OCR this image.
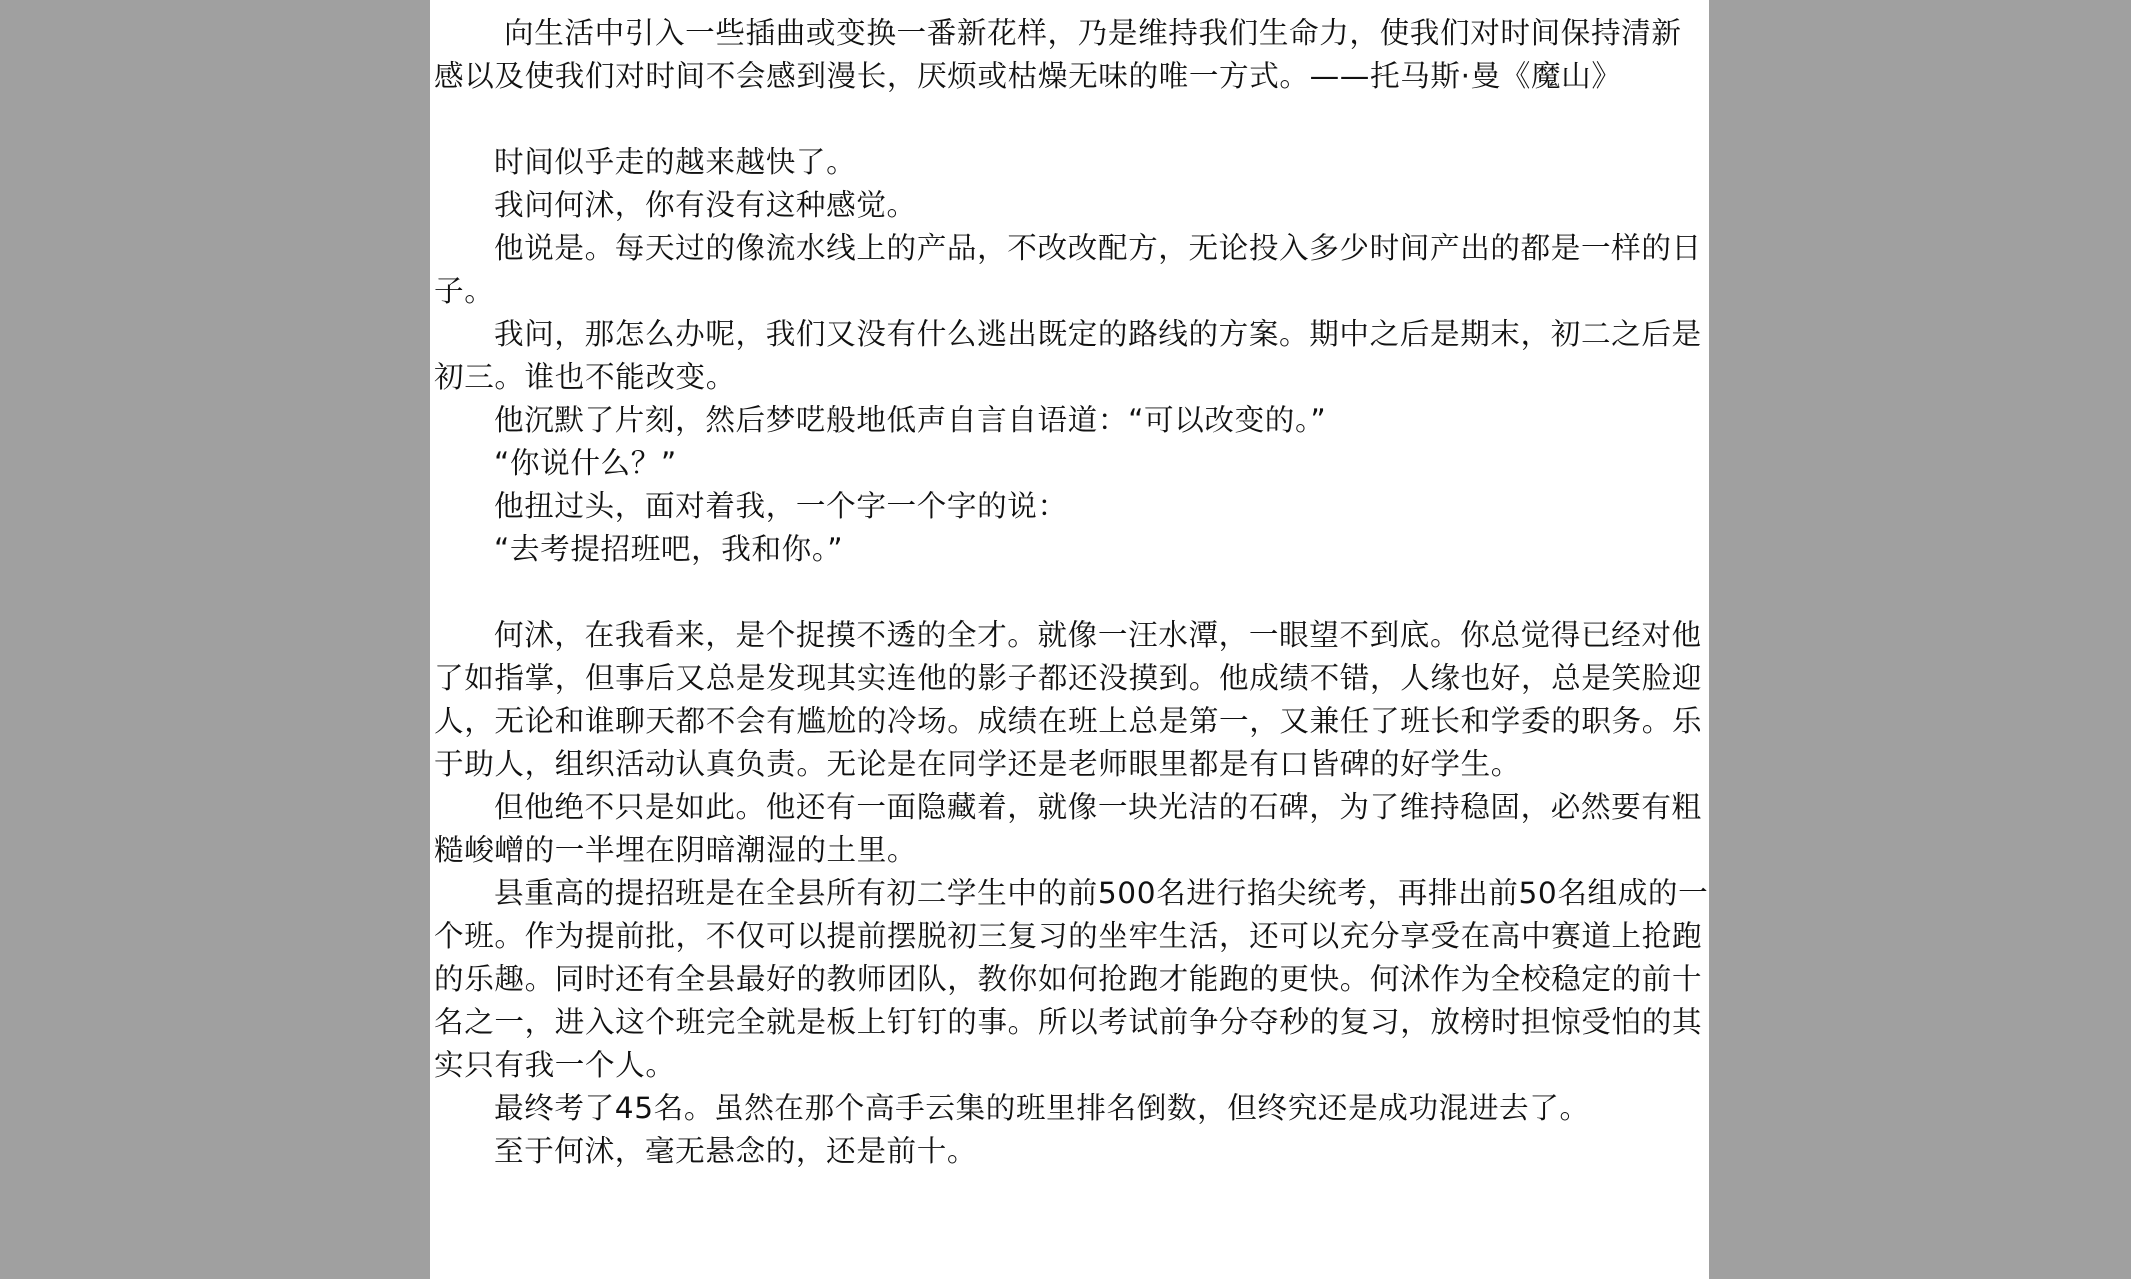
向生活中引入一些插曲或变换一番新花样，乃是维持我们生命力，使我们对时间保持清新感以及使我们对时间不会感到漫长，厌烦或枯燥无味的唯一方式。——托马斯·曼《魔山》

时间似乎走的越来越快了。

我问何沭，你有没有这种感觉。

他说是。每天过的像流水线上的产品，不改改配方，无论投入多少时间产出的都是一样的日子。

我问，那怎么办呢，我们又没有什么逃出既定的路线的方案。期中之后是期末，初二之后是初三。谁也不能改变。

他沉默了片刻，然后梦呓般地低声自言自语道：“可以改变的。”

“你说什么？”

他扭过头，面对着我，一个字一个字的说：

“去考提招班吧，我和你。”

何沭，在我看来，是个捉摸不透的全才。就像一汪水潭，一眼望不到底。你总觉得已经对他了如指掌，但事后又总是发现其实连他的影子都还没摸到。他成绩不错，人缘也好，总是笑脸迎人，无论和谁聊天都不会有尴尬的冷场。成绩在班上总是第一，又兼任了班长和学委的职务。乐于助人，组织活动认真负责。无论是在同学还是老师眼里都是有口皆碑的好学生。

但他绝不只是如此。他还有一面隐藏着，就像一块光洁的石碑，为了维持稳固，必然要有粗糙峻嶒的一半埋在阴暗潮湿的土里。

县重高的提招班是在全县所有初二学生中的前500名进行掐尖统考，再排出前50名组成的一个班。作为提前批，不仅可以提前摆脱初三复习的坐牢生活，还可以充分享受在高中赛道上抢跑的乐趣。同时还有全县最好的教师团队，教你如何抢跑才能跑的更快。何沭作为全校稳定的前十名之一，进入这个班完全就是板上钉钉的事。所以考试前争分夺秒的复习，放榜时担惊受怕的其实只有我一个人。

最终考了45名。虽然在那个高手云集的班里排名倒数，但终究还是成功混进去了。

至于何沭，毫无悬念的，还是前十。
